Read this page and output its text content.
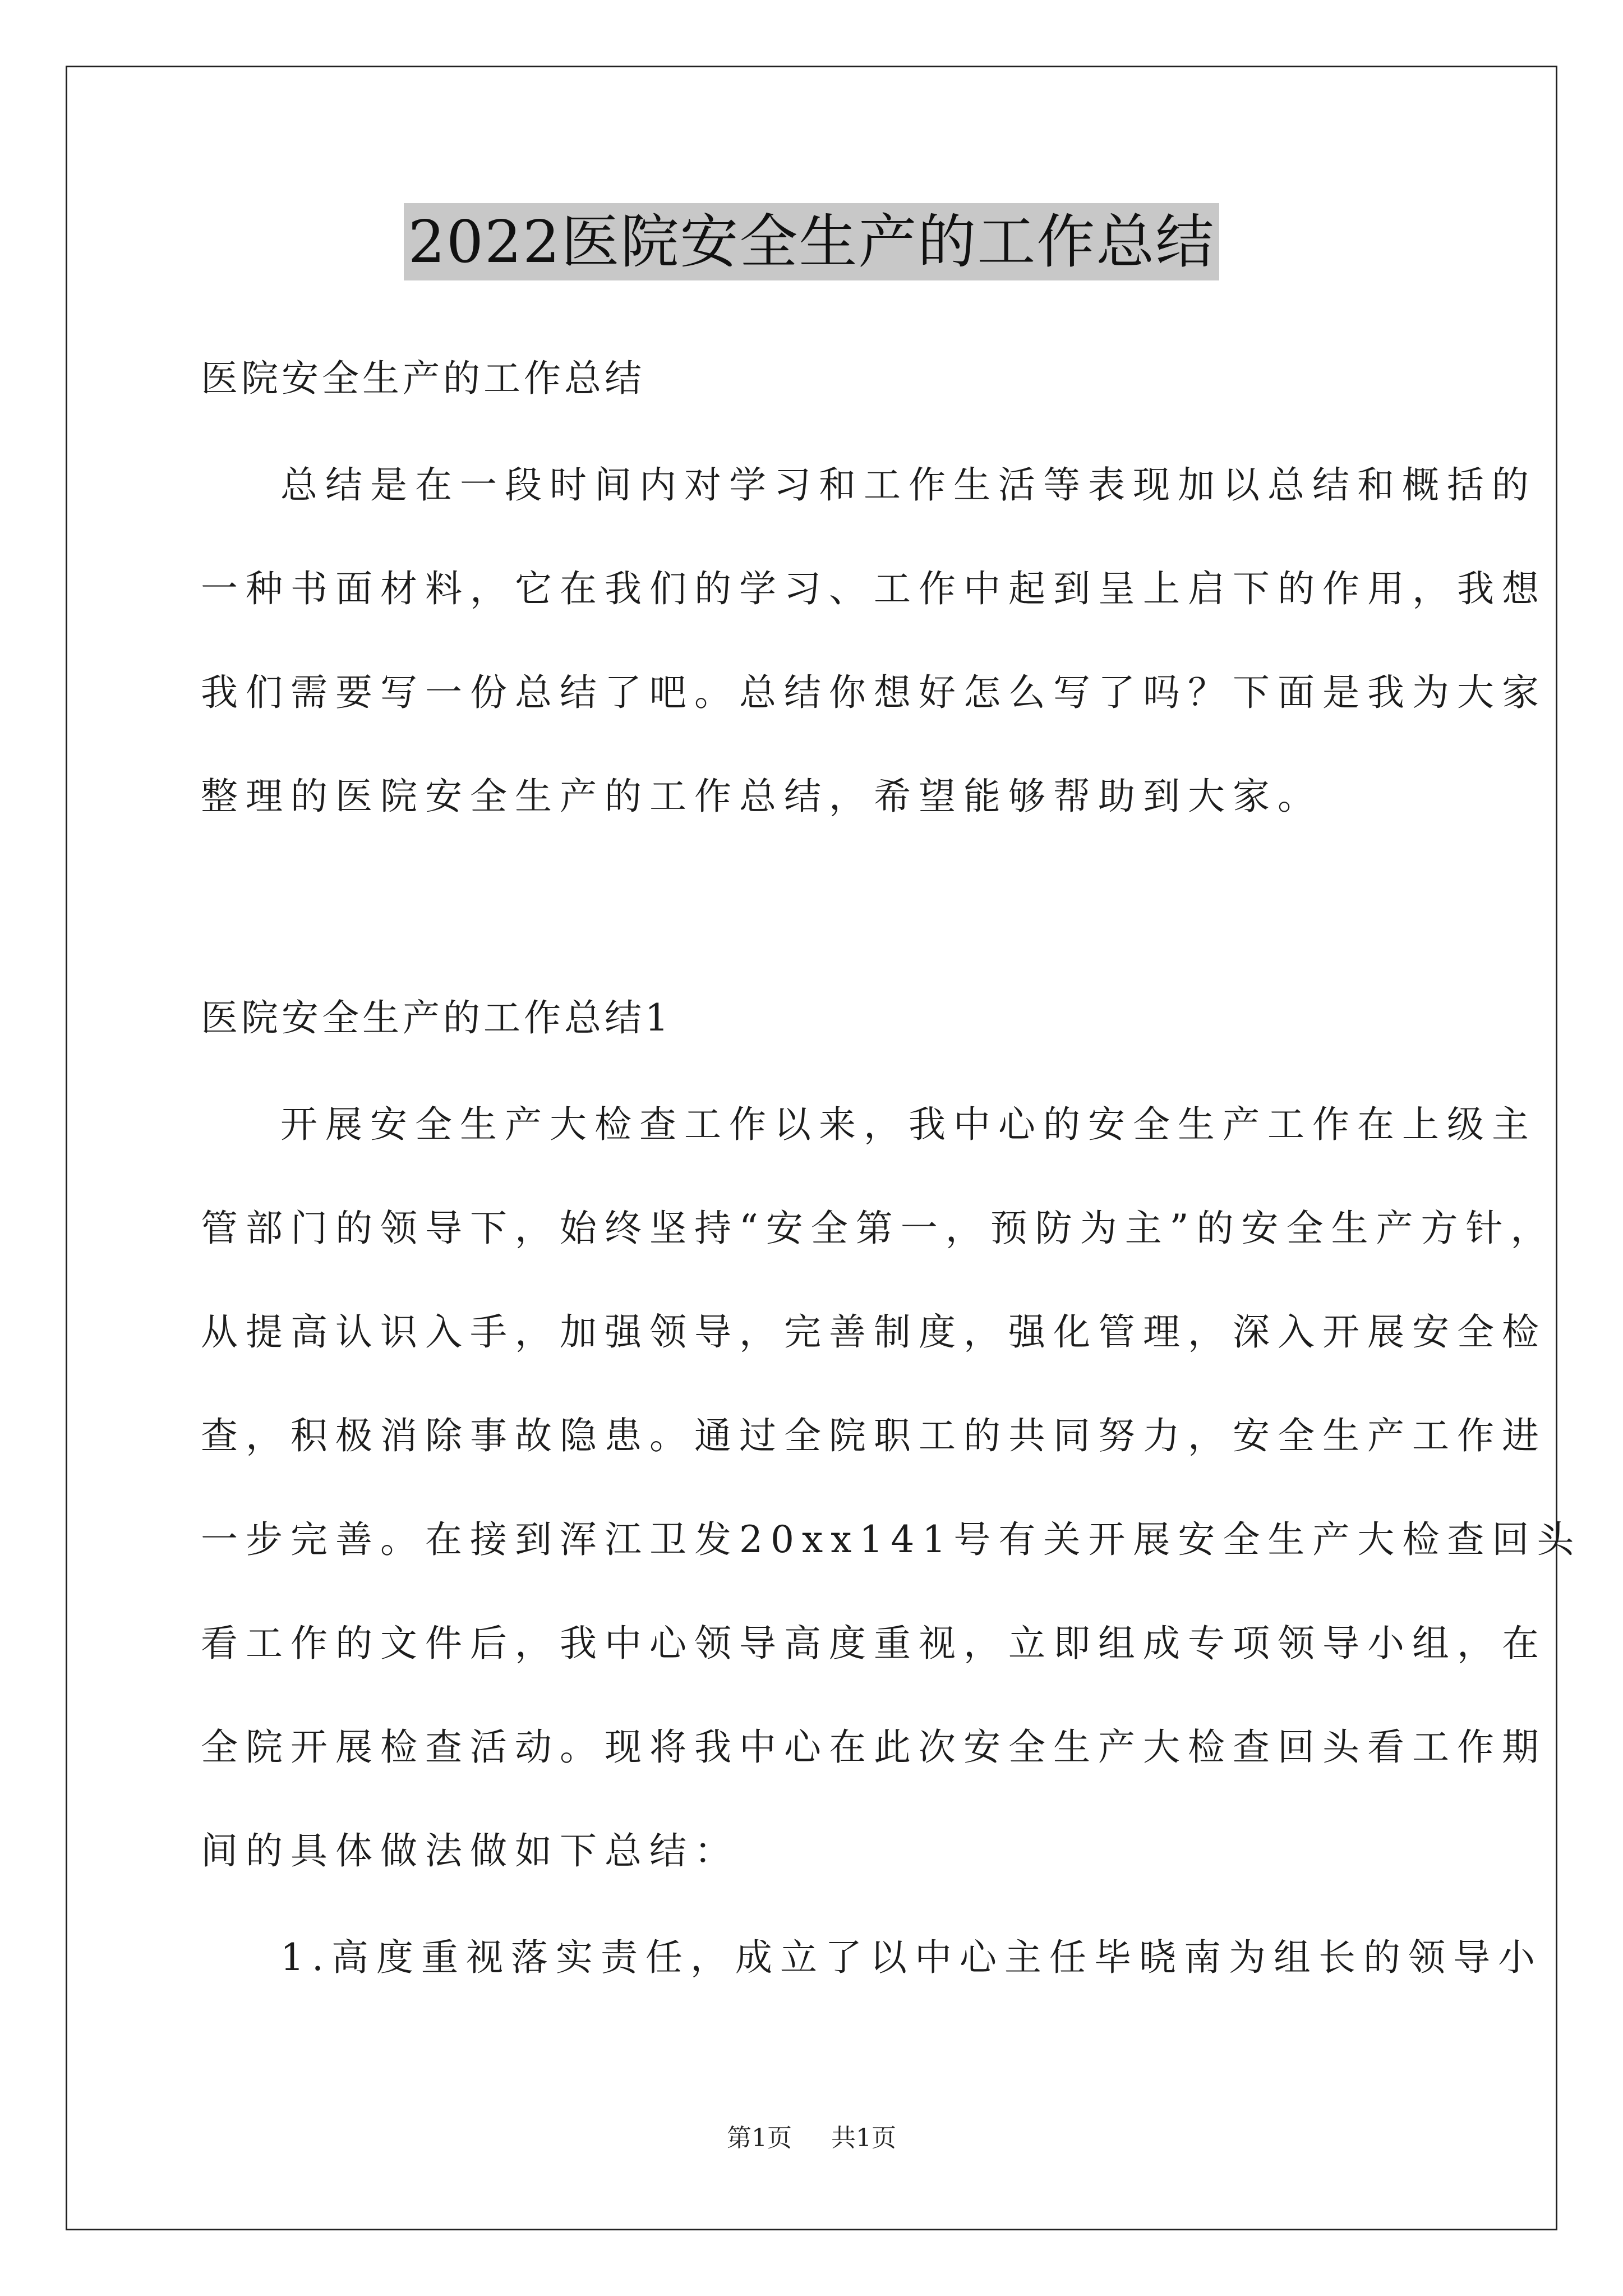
2022医院安全生产的工作总结
医院安全生产的工作总结
总结是在一段时间内对学习和工作生活等表现加以总结和概括的
一种书面材料，它在我们的学习、工作中起到呈上启下的作用，我想
我们需要写一份总结了吧。总结你想好怎么写了吗？下面是我为大家
整理的医院安全生产的工作总结，希望能够帮助到大家。
医院安全生产的工作总结1
开展安全生产大检查工作以来，我中心的安全生产工作在上级主
管部门的领导下，始终坚持“安全第一，预防为主”的安全生产方针，
从提高认识入手，加强领导，完善制度，强化管理，深入开展安全检
查，积极消除事故隐患。通过全院职工的共同努力，安全生产工作进
一步完善。在接到浑江卫发20xx141号有关开展安全生产大检查回头
看工作的文件后，我中心领导高度重视，立即组成专项领导小组，在
全院开展检查活动。现将我中心在此次安全生产大检查回头看工作期
间的具体做法做如下总结：
1.高度重视落实责任，成立了以中心主任毕晓南为组长的领导小
第1页 共1页
